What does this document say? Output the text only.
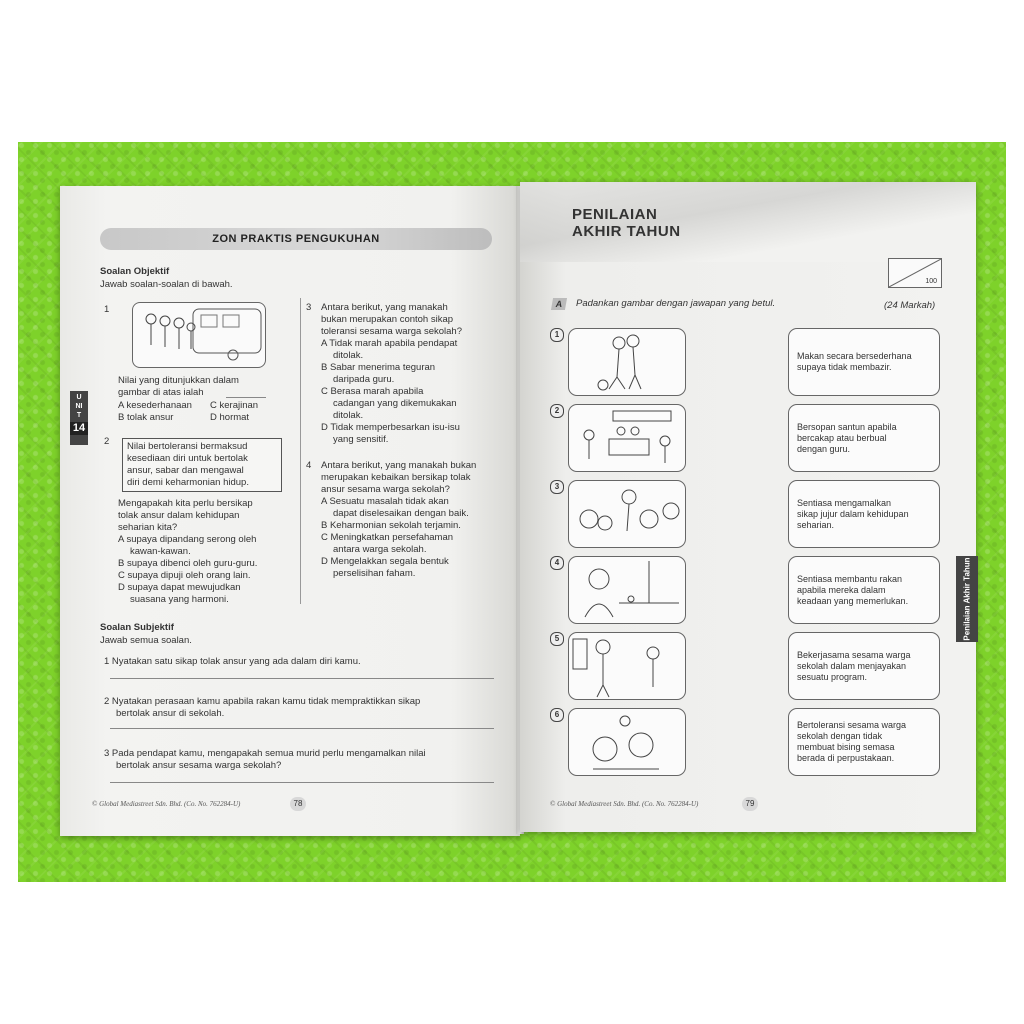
ZON PRAKTIS PENGUKUHAN
UNIT
14
Soalan Objektif
Jawab soalan-soalan di bawah.
1
Nilai yang ditunjukkan dalam
gambar di atas ialah
A kesederhanaan C kerajinan
B tolak ansur	D hormat
2 Nilai bertoleransi bermaksud
kesediaan diri untuk bertolak
ansur, sabar dan mengawal
diri demi keharmonian hidup.
Mengapakah kita perlu bersikap
tolak ansur dalam kehidupan
seharian kita?
A supaya dipandang serong oleh
kawan-kawan.
B supaya dibenci oleh guru-guru.
C supaya dipuji oleh orang lain.
D supaya dapat mewujudkan
suasana yang harmoni.
3 Antara berikut, yang manakah
bukan merupakan contoh sikap
toleransi sesama warga sekolah?
A Tidak marah apabila pendapat
ditolak.
B Sabar menerima teguran
daripada guru.
C Berasa marah apabila
cadangan yang dikemukakan
ditolak.
D Tidak memperbesarkan isu-isu
yang sensitif.
4 Antara berikut, yang manakah bukan
merupakan kebaikan bersikap tolak
ansur sesama warga sekolah?
A Sesuatu masalah tidak akan
dapat diselesaikan dengan baik.
B Keharmonian sekolah terjamin.
C Meningkatkan persefahaman
antara warga sekolah.
D Mengelakkan segala bentuk
perselisihan faham.
Soalan Subjektif
Jawab semua soalan.
1 Nyatakan satu sikap tolak ansur yang ada dalam diri kamu.
2 Nyatakan perasaan kamu apabila rakan kamu tidak mempraktikkan sikap
bertolak ansur di sekolah.
3 Pada pendapat kamu, mengapakah semua murid perlu mengamalkan nilai
bertolak ansur sesama warga sekolah?
© Global Mediastreet Sdn. Bhd. (Co. No. 762284-U)	78
PENILAIAN
AKHIR TAHUN
100
A	Padankan gambar dengan jawapan yang betul.	(24 Markah)
1
Makan secara bersederhana
supaya tidak membazir.
2
Bersopan santun apabila
bercakap atau berbual
dengan guru.
3
Sentiasa mengamalkan
sikap jujur dalam kehidupan
seharian.
4
Sentiasa membantu rakan
apabila mereka dalam
keadaan yang memerlukan.
5
Bekerjasama sesama warga
sekolah dalam menjayakan
sesuatu program.
6
Bertoleransi sesama warga
sekolah dengan tidak
membuat bising semasa
berada di perpustakaan.
Penilaian Akhir Tahun
© Global Mediastreet Sdn. Bhd. (Co. No. 762284-U)	79
